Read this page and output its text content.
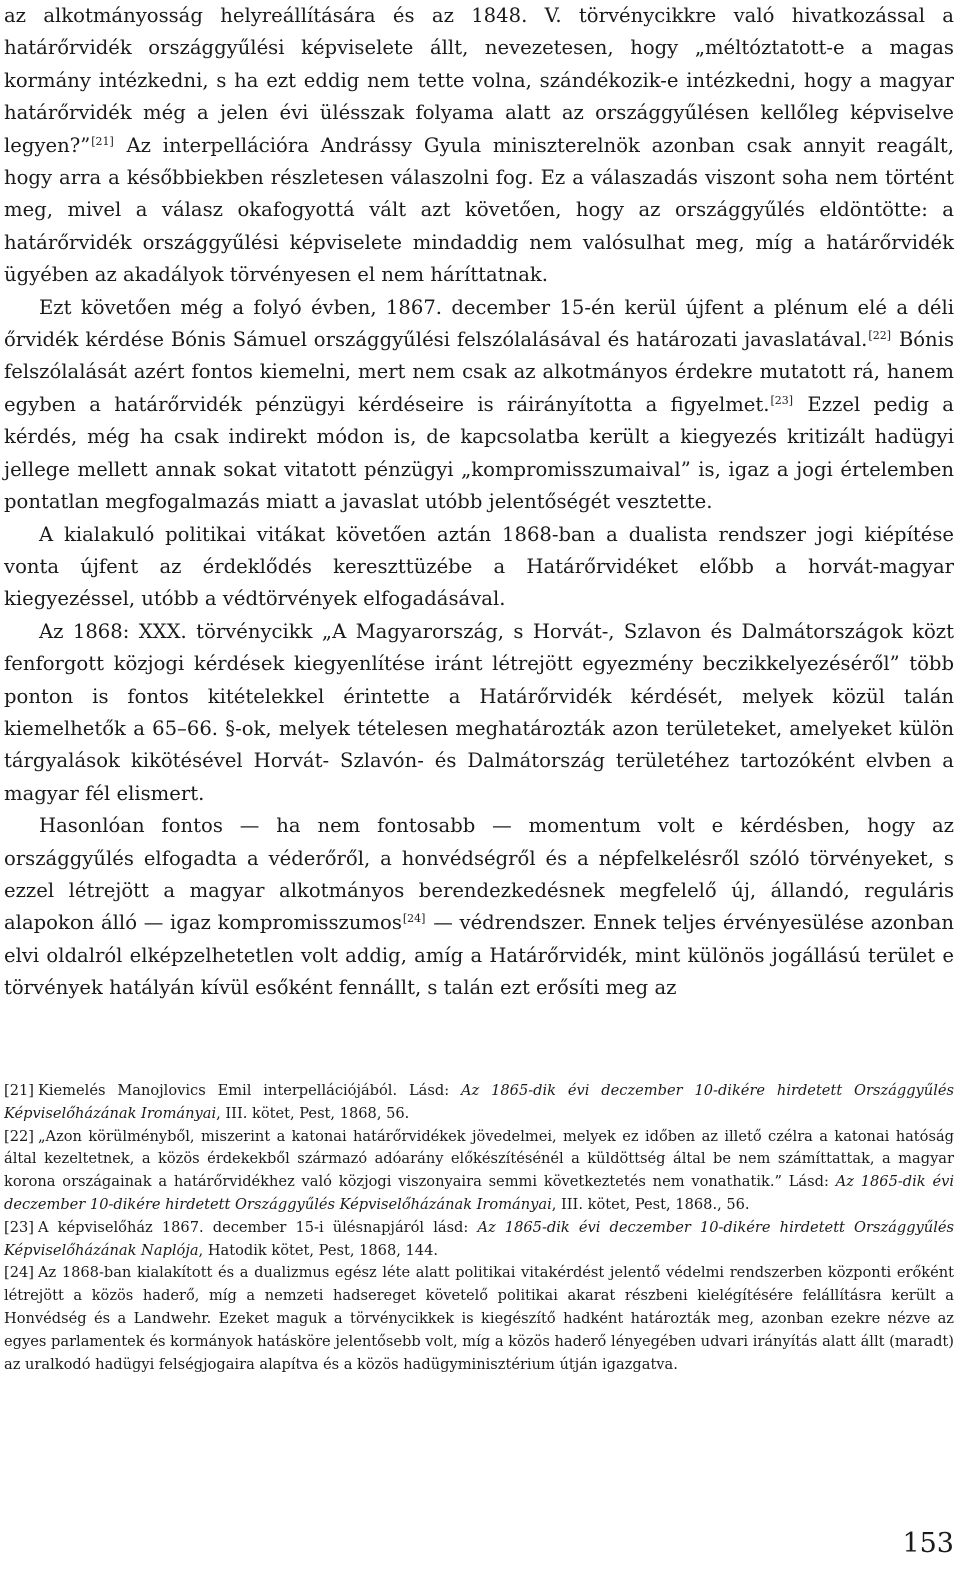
az alkotmányosság helyreállítására és az 1848. V. törvénycikkre való hivatkozással a határőrvidék országgyűlési képviselete állt, nevezetesen, hogy „méltóztatott-e a magas kormány intézkedni, s ha ezt eddig nem tette volna, szándékozik-e intézkedni, hogy a magyar határőrvidék még a jelen évi ülésszak folyama alatt az országgyűlésen kellőleg képviselve legyen?”[21] Az interpellációra Andrássy Gyula miniszterelnök azonban csak annyit reagált, hogy arra a későbbiekben részletesen válaszolni fog. Ez a válaszadás viszont soha nem történt meg, mivel a válasz okafogyottá vált azt követően, hogy az országgyűlés eldöntötte: a határőrvidék országgyűlési képviselete mindaddig nem valósulhat meg, míg a határőrvidék ügyében az akadályok törvényesen el nem háríttatnak.

Ezt követően még a folyó évben, 1867. december 15-én kerül újfent a plénum elé a déli őrvidék kérdése Bónis Sámuel országgyűlési felszólalásával és határozati javaslatával.[22] Bónis felszólalását azért fontos kiemelni, mert nem csak az alkotmányos érdekre mutatott rá, hanem egyben a határőrvidék pénzügyi kérdéseire is ráirányította a figyelmet.[23] Ezzel pedig a kérdés, még ha csak indirekt módon is, de kapcsolatba került a kiegyezés kritizált hadügyi jellege mellett annak sokat vitatott pénzügyi „kompromisszumaival” is, igaz a jogi értelemben pontatlan megfogalmazás miatt a javaslat utóbb jelentőségét vesztette.

A kialakuló politikai vitákat követően aztán 1868-ban a dualista rendszer jogi kiépítése vonta újfent az érdeklődés kereszttüzébe a Határőrvidéket előbb a horvát-magyar kiegyezéssel, utóbb a védtörvények elfogadásával.

Az 1868: XXX. törvénycikk „A Magyarország, s Horvát-, Szlavon és Dalmátországok közt fenforgott közjogi kérdések kiegyenlítése iránt létrejött egyezmény beczikkelyezéséről” több ponton is fontos kitételekkel érintette a Határőrvidék kérdését, melyek közül talán kiemelhetők a 65–66. §-ok, melyek tételesen meghatározták azon területeket, amelyeket külön tárgyalások kikötésével Horvát- Szlavón- és Dalmátország területéhez tartozóként elvben a magyar fél elismert.

Hasonlóan fontos — ha nem fontosabb — momentum volt e kérdésben, hogy az országgyűlés elfogadta a véderőről, a honvédségről és a népfelkelésről szóló törvényeket, s ezzel létrejött a magyar alkotmányos berendezkedésnek megfelelő új, állandó, reguláris alapokon álló — igaz kompromisszumos[24] — védrendszer. Ennek teljes érvényesülése azonban elvi oldalról elképzelhetetlen volt addig, amíg a Határőrvidék, mint különös jogállású terület e törvények hatályán kívül esőként fennállt, s talán ezt erősíti meg az

[21] Kiemelés Manojlovics Emil interpellációjából. Lásd: Az 1865-dik évi deczember 10-dikére hirdetett Országgyűlés Képviselőházának Irományai, III. kötet, Pest, 1868, 56.

[22] „Azon körülményből, miszerint a katonai határőrvidékek jövedelmei, melyek ez időben az illető czélra a katonai hatóság által kezeltetnek, a közös érdekekből származó adóarány előkészítésénél a küldöttség által be nem számíttattak, a magyar korona országainak a határőrvidékhez való közjogi viszonyaira semmi következtetés nem vonathatik.” Lásd: Az 1865-dik évi deczember 10-dikére hirdetett Országgyűlés Képviselőházának Irományai, III. kötet, Pest, 1868., 56.

[23] A képviselőház 1867. december 15-i ülésnapjáról lásd: Az 1865-dik évi deczember 10-dikére hirdetett Országgyűlés Képviselőházának Naplója, Hatodik kötet, Pest, 1868, 144.

[24] Az 1868-ban kialakított és a dualizmus egész léte alatt politikai vitakérdést jelentő védelmi rendszerben központi erőként létrejött a közös haderő, míg a nemzeti hadsereget követelő politikai akarat részbeni kielégítésére felállításra került a Honvédség és a Landwehr. Ezeket maguk a törvénycikkek is kiegészítő hadként határozták meg, azonban ezekre nézve az egyes parlamentek és kormányok hatásköre jelentősebb volt, míg a közös haderő lényegében udvari irányítás alatt állt (maradt) az uralkodó hadügyi felségjogaira alapítva és a közös hadügyminisztérium útján igazgatva.

153
